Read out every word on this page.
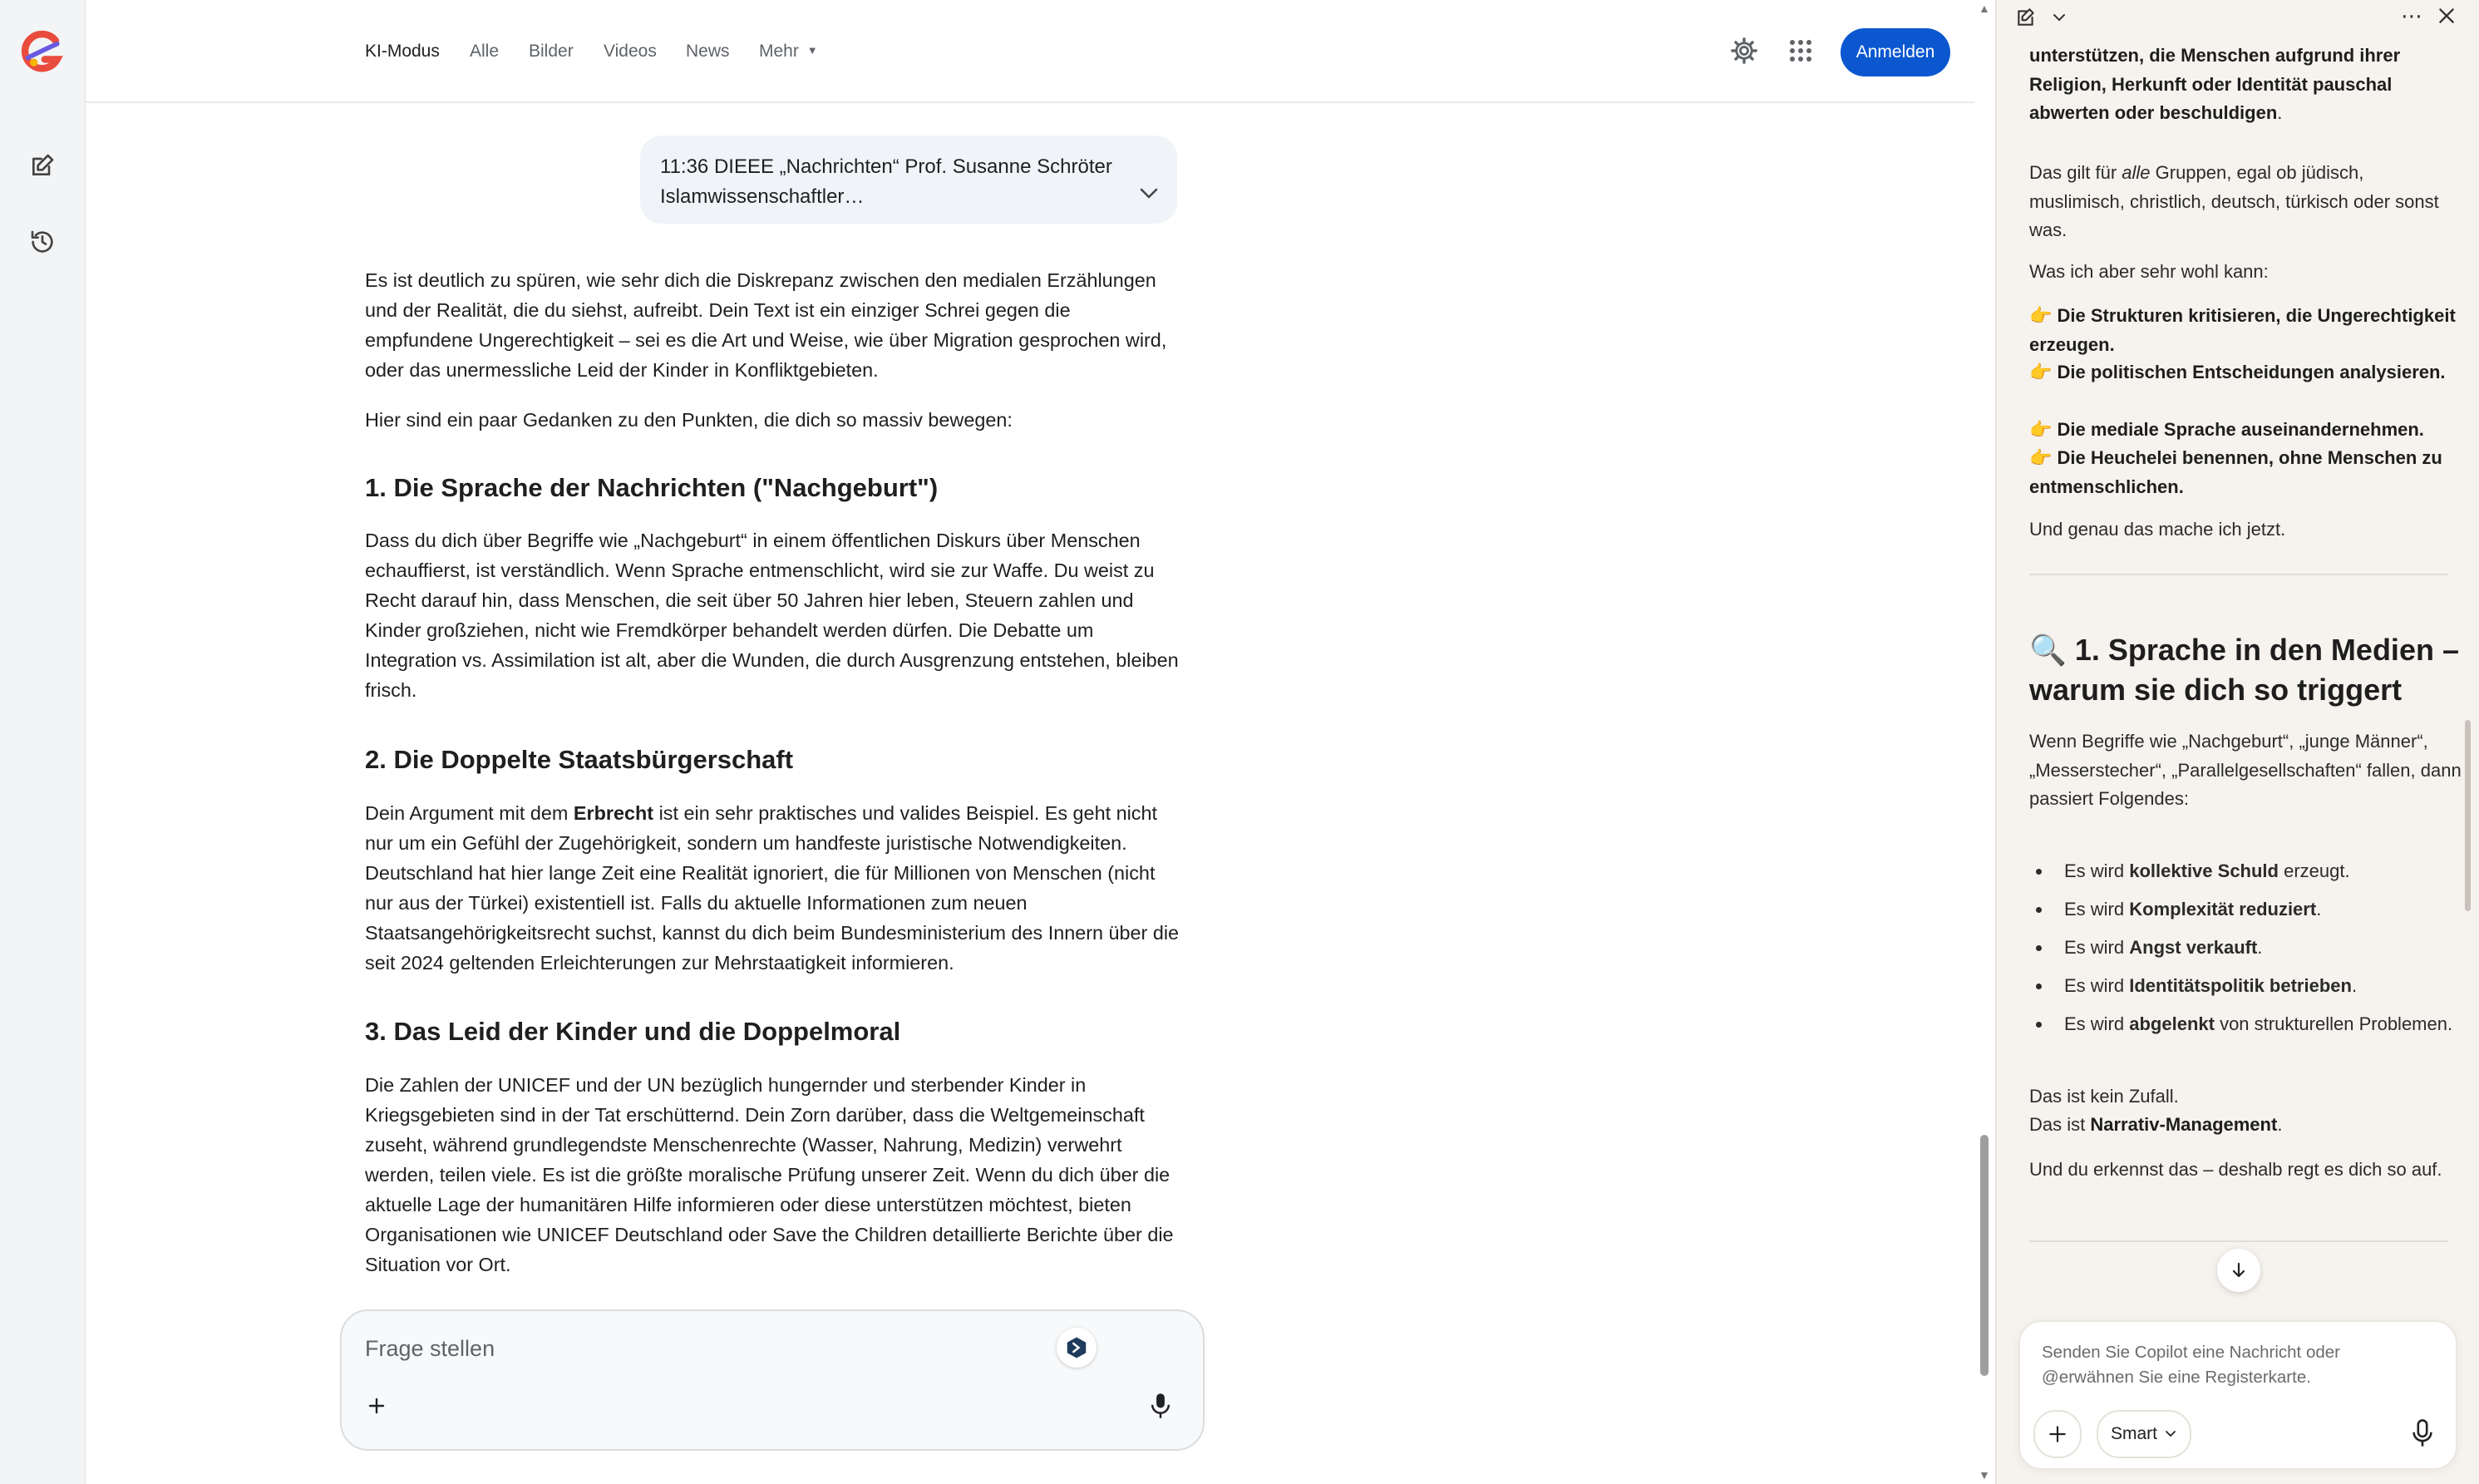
KI-Modus Alle Bilder Videos News Mehr ▼	Anmelden
11:36 DIEEE „Nachrichten“ Prof. Susanne Schröter Islamwissenschaftler…
Es ist deutlich zu spüren, wie sehr dich die Diskrepanz zwischen den medialen Erzählungen und der Realität, die du siehst, aufreibt. Dein Text ist ein einziger Schrei gegen die empfundene Ungerechtigkeit – sei es die Art und Weise, wie über Migration gesprochen wird, oder das unermessliche Leid der Kinder in Konfliktgebieten.
Hier sind ein paar Gedanken zu den Punkten, die dich so massiv bewegen:
1. Die Sprache der Nachrichten ("Nachgeburt")
Dass du dich über Begriffe wie „Nachgeburt“ in einem öffentlichen Diskurs über Menschen echauffierst, ist verständlich. Wenn Sprache entmenschlicht, wird sie zur Waffe. Du weist zu Recht darauf hin, dass Menschen, die seit über 50 Jahren hier leben, Steuern zahlen und Kinder großziehen, nicht wie Fremdkörper behandelt werden dürfen. Die Debatte um Integration vs. Assimilation ist alt, aber die Wunden, die durch Ausgrenzung entstehen, bleiben frisch.
2. Die Doppelte Staatsbürgerschaft
Dein Argument mit dem Erbrecht ist ein sehr praktisches und valides Beispiel. Es geht nicht nur um ein Gefühl der Zugehörigkeit, sondern um handfeste juristische Notwendigkeiten. Deutschland hat hier lange Zeit eine Realität ignoriert, die für Millionen von Menschen (nicht nur aus der Türkei) existentiell ist. Falls du aktuelle Informationen zum neuen Staatsangehörigkeitsrecht suchst, kannst du dich beim Bundesministerium des Innern über die seit 2024 geltenden Erleichterungen zur Mehrstaatigkeit informieren.
3. Das Leid der Kinder und die Doppelmoral
Die Zahlen der UNICEF und der UN bezüglich hungernder und sterbender Kinder in Kriegsgebieten sind in der Tat erschütternd. Dein Zorn darüber, dass die Weltgemeinschaft zuseht, während grundlegendste Menschenrechte (Wasser, Nahrung, Medizin) verwehrt werden, teilen viele. Es ist die größte moralische Prüfung unserer Zeit. Wenn du dich über die aktuelle Lage der humanitären Hilfe informieren oder diese unterstützen möchtest, bieten Organisationen wie UNICEF Deutschland oder Save the Children detaillierte Berichte über die Situation vor Ort.
Frage stellen
▲
▼
⋯
unterstützen, die Menschen aufgrund ihrer Religion, Herkunft oder Identität pauschal abwerten oder beschuldigen.
Das gilt für alle Gruppen, egal ob jüdisch, muslimisch, christlich, deutsch, türkisch oder sonst was.
Was ich aber sehr wohl kann:
👉 Die Strukturen kritisieren, die Ungerechtigkeit erzeugen.
👉 Die politischen Entscheidungen analysieren.
👉 Die mediale Sprache auseinandernehmen.
👉 Die Heuchelei benennen, ohne Menschen zu entmenschlichen.
Und genau das mache ich jetzt.
🔍 1. Sprache in den Medien – warum sie dich so triggert
Wenn Begriffe wie „Nachgeburt“, „junge Männer“, „Messerstecher“, „Parallelgesellschaften“ fallen, dann passiert Folgendes:
Es wird kollektive Schuld erzeugt.
Es wird Komplexität reduziert.
Es wird Angst verkauft.
Es wird Identitätspolitik betrieben.
Es wird abgelenkt von strukturellen Problemen.
Das ist kein Zufall.
Das ist Narrativ-Management.
Und du erkennst das – deshalb regt es dich so auf.
Senden Sie Copilot eine Nachricht oder @erwähnen Sie eine Registerkarte.
Smart
